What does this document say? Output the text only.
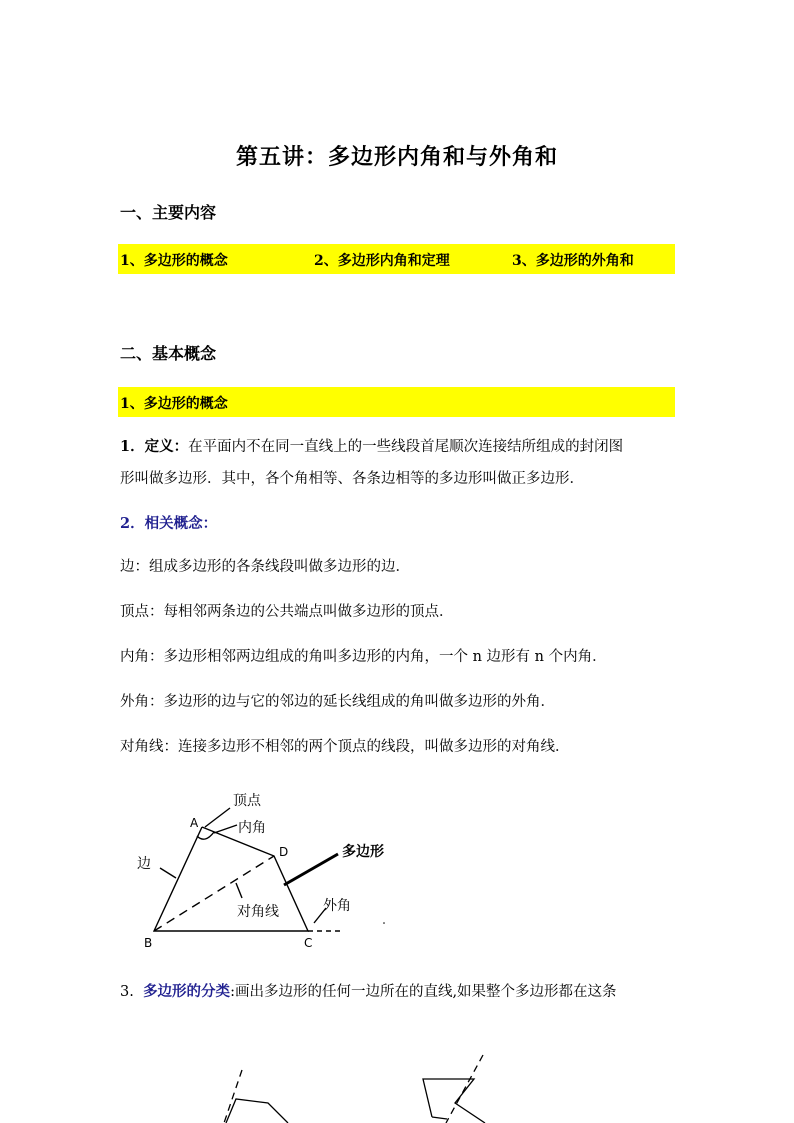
第五讲：多边形内角和与外角和
一、主要内容
1、多边形的概念	2、多边形内角和定理	3、多边形的外角和
二、基本概念
1、多边形的概念
1．定义：在平面内不在同一直线上的一些线段首尾顺次连接结所组成的封闭图
形叫做多边形．其中，各个角相等、各条边相等的多边形叫做正多边形．
2．相关概念：
边：组成多边形的各条线段叫做多边形的边．
顶点：每相邻两条边的公共端点叫做多边形的顶点．
内角：多边形相邻两边组成的角叫多边形的内角，一个 n 边形有 n 个内角．
外角：多边形的边与它的邻边的延长线组成的角叫做多边形的外角．
对角线：连接多边形不相邻的两个顶点的线段，叫做多边形的对角线．
顶点
A	内角
D	多边形
边
对角线	外角
B	C
3. 多边形的分类:画出多边形的任何一边所在的直线,如果整个多边形都在这条
